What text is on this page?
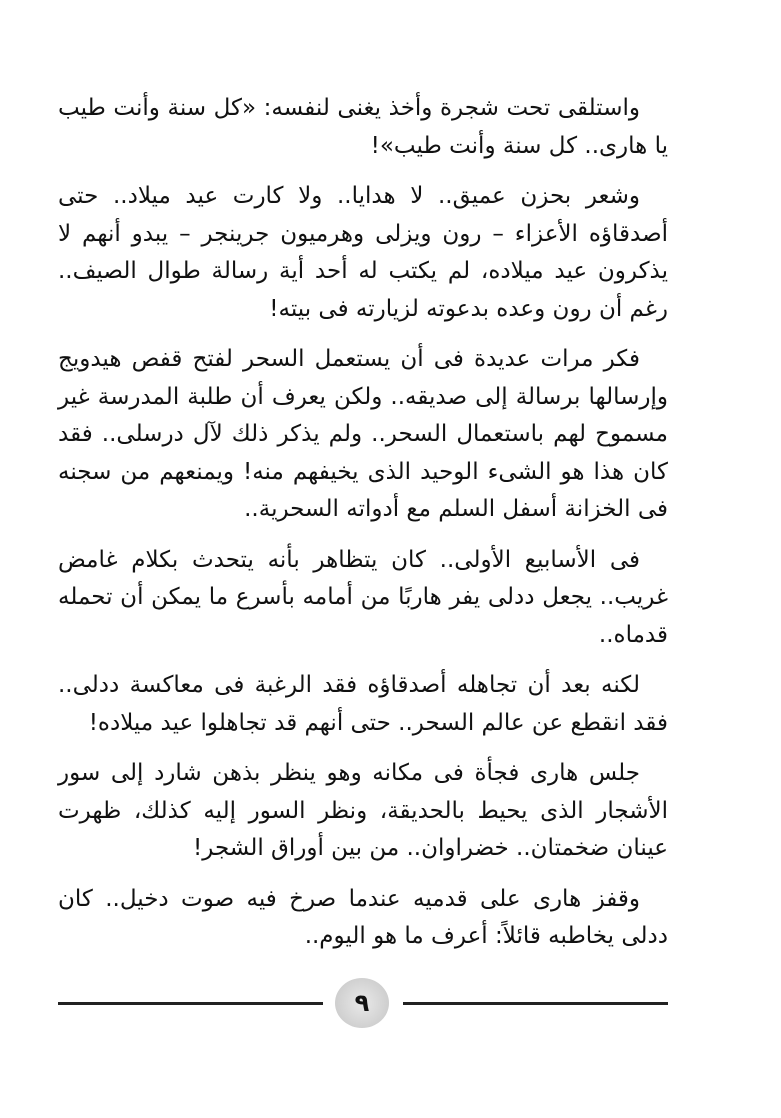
واستلقى تحت شجرة وأخذ يغنى لنفسه: «كل سنة وأنت طيب يا هارى.. كل سنة وأنت طيب»!

وشعر بحزن عميق.. لا هدايا.. ولا كارت عيد ميلاد.. حتى أصدقاؤه الأعزاء – رون ويزلى وهرميون جرينجر – يبدو أنهم لا يذكرون عيد ميلاده، لم يكتب له أحد أية رسالة طوال الصيف.. رغم أن رون وعده بدعوته لزيارته فى بيته!

فكر مرات عديدة فى أن يستعمل السحر لفتح قفص هيدويج وإرسالها برسالة إلى صديقه.. ولكن يعرف أن طلبة المدرسة غير مسموح لهم باستعمال السحر.. ولم يذكر ذلك لآل درسلى.. فقد كان هذا هو الشىء الوحيد الذى يخيفهم منه! ويمنعهم من سجنه فى الخزانة أسفل السلم مع أدواته السحرية..

فى الأسابيع الأولى.. كان يتظاهر بأنه يتحدث بكلام غامض غريب.. يجعل ددلى يفر هاربًا من أمامه بأسرع ما يمكن أن تحمله قدماه..

لكنه بعد أن تجاهله أصدقاؤه فقد الرغبة فى معاكسة ددلى.. فقد انقطع عن عالم السحر.. حتى أنهم قد تجاهلوا عيد ميلاده!

جلس هارى فجأة فى مكانه وهو ينظر بذهن شارد إلى سور الأشجار الذى يحيط بالحديقة، ونظر السور إليه كذلك، ظهرت عينان ضخمتان.. خضراوان.. من بين أوراق الشجر!

وقفز هارى على قدميه عندما صرخ فيه صوت دخيل.. كان ددلى يخاطبه قائلاً: أعرف ما هو اليوم..

٩
